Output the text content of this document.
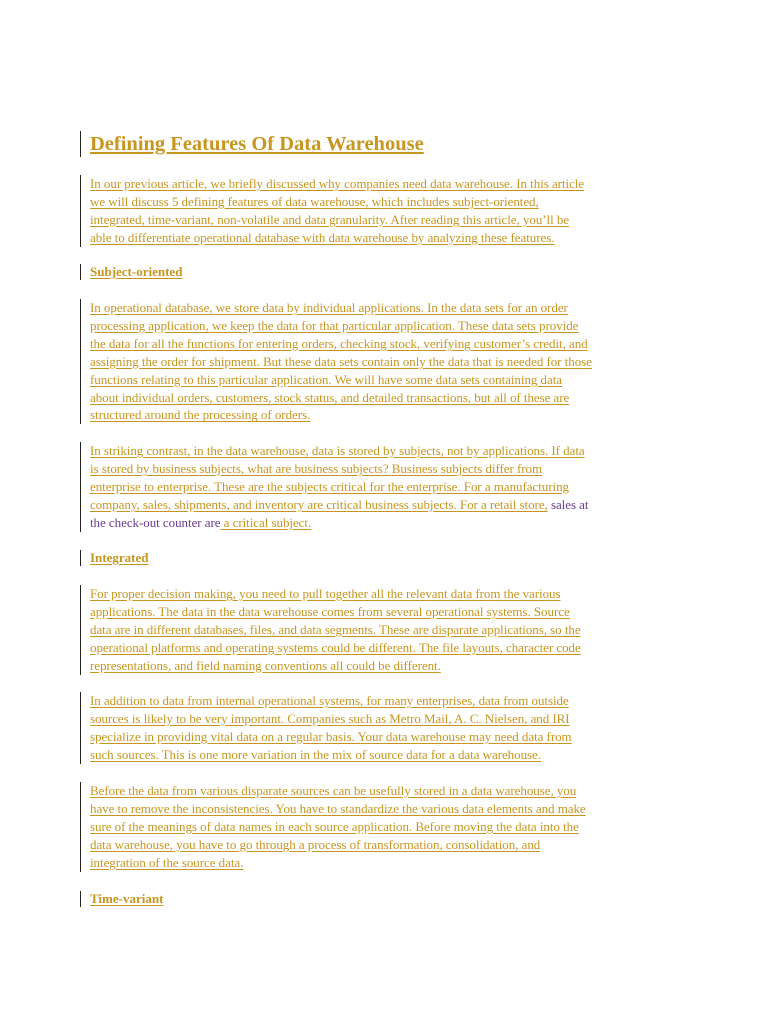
Defining Features Of Data Warehouse
In our previous article, we briefly discussed why companies need data warehouse. In this article
we will discuss 5 defining features of data warehouse, which includes subject-oriented,
integrated, time-variant, non-volatile and data granularity. After reading this article, you’ll be
able to differentiate operational database with data warehouse by analyzing these features.
Subject-oriented
In operational database, we store data by individual applications. In the data sets for an order
processing application, we keep the data for that particular application. These data sets provide
the data for all the functions for entering orders, checking stock, verifying customer’s credit, and
assigning the order for shipment. But these data sets contain only the data that is needed for those
functions relating to this particular application. We will have some data sets containing data
about individual orders, customers, stock status, and detailed transactions, but all of these are
structured around the processing of orders.
In striking contrast, in the data warehouse, data is stored by subjects, not by applications. If data
is stored by business subjects, what are business subjects? Business subjects differ from
enterprise to enterprise. These are the subjects critical for the enterprise. For a manufacturing
company, sales, shipments, and inventory are critical business subjects. For a retail store, sales at
the check-out counter are a critical subject.
Integrated
For proper decision making, you need to pull together all the relevant data from the various
applications. The data in the data warehouse comes from several operational systems. Source
data are in different databases, files, and data segments. These are disparate applications, so the
operational platforms and operating systems could be different. The file layouts, character code
representations, and field naming conventions all could be different.
In addition to data from internal operational systems, for many enterprises, data from outside
sources is likely to be very important. Companies such as Metro Mail, A. C. Nielsen, and IRI
specialize in providing vital data on a regular basis. Your data warehouse may need data from
such sources. This is one more variation in the mix of source data for a data warehouse.
Before the data from various disparate sources can be usefully stored in a data warehouse, you
have to remove the inconsistencies. You have to standardize the various data elements and make
sure of the meanings of data names in each source application. Before moving the data into the
data warehouse, you have to go through a process of transformation, consolidation, and
integration of the source data.
Time-variant
